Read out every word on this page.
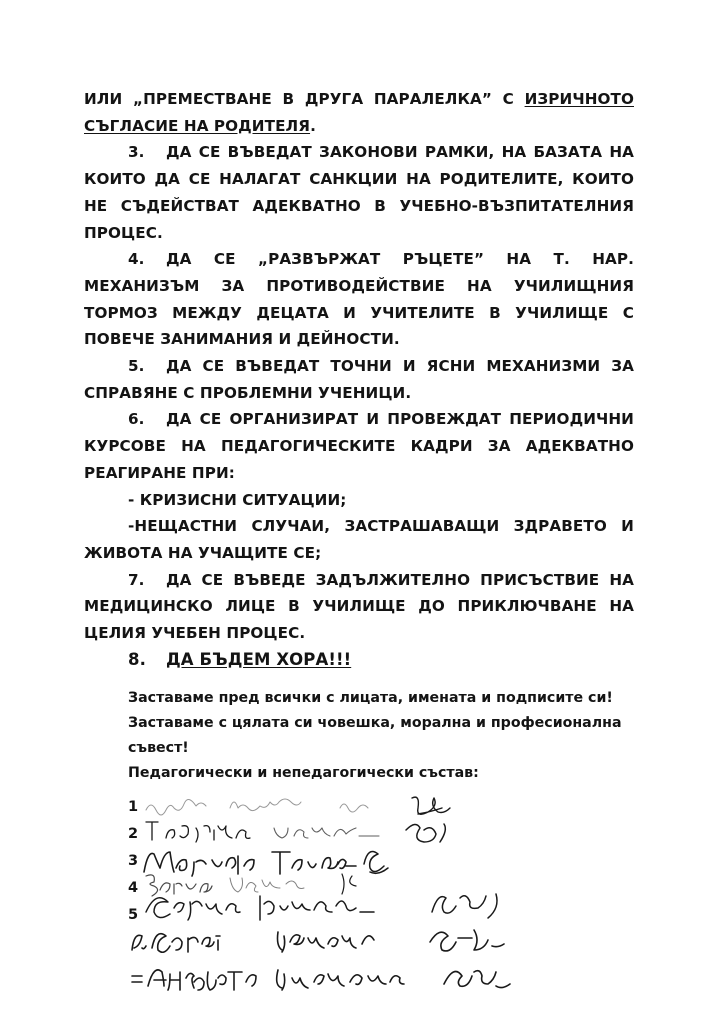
ИЛИ „ПРЕМЕСТВАНЕ В ДРУГА ПАРАЛЕЛКА” С ИЗРИЧНОТО СЪГЛАСИЕ НА РОДИТЕЛЯ.

3. ДА СЕ ВЪВЕДАТ ЗАКОНОВИ РАМКИ, НА БАЗАТА НА КОИТО ДА СЕ НАЛАГАТ САНКЦИИ НА РОДИТЕЛИТЕ, КОИТО НЕ СЪДЕЙСТВАТ АДЕКВАТНО В УЧЕБНО-ВЪЗПИТАТЕЛНИЯ ПРОЦЕС.

4. ДА СЕ „РАЗВЪРЖАТ РЪЦЕТЕ” НА Т. НАР. МЕХАНИЗЪМ ЗА ПРОТИВОДЕЙСТВИЕ НА УЧИЛИЩНИЯ ТОРМОЗ МЕЖДУ ДЕЦАТА И УЧИТЕЛИТЕ В УЧИЛИЩЕ С ПОВЕЧЕ ЗАНИМАНИЯ И ДЕЙНОСТИ.

5. ДА СЕ ВЪВЕДАТ ТОЧНИ И ЯСНИ МЕХАНИЗМИ ЗА СПРАВЯНЕ С ПРОБЛЕМНИ УЧЕНИЦИ.

6. ДА СЕ ОРГАНИЗИРАТ И ПРОВЕЖДАТ ПЕРИОДИЧНИ КУРСОВЕ НА ПЕДАГОГИЧЕСКИТЕ КАДРИ ЗА АДЕКВАТНО РЕАГИРАНЕ ПРИ:

- КРИЗИСНИ СИТУАЦИИ;

-НЕЩАСТНИ СЛУЧАИ, ЗАСТРАШАВАЩИ ЗДРАВЕТО И ЖИВОТА НА УЧАЩИТЕ СЕ;

7. ДА СЕ ВЪВЕДЕ ЗАДЪЛЖИТЕЛНО ПРИСЪСТВИЕ НА МЕДИЦИНСКО ЛИЦЕ В УЧИЛИЩЕ ДО ПРИКЛЮЧВАНЕ НА ЦЕЛИЯ УЧЕБЕН ПРОЦЕС.

8. ДА БЪДЕМ ХОРА!!!

Заставаме пред всички с лицата, имената и подписите си!

Заставаме с цялата си човешка, морална и професионална съвест!

Педагогически и непедагогически състав:

1
2
3
4
5
